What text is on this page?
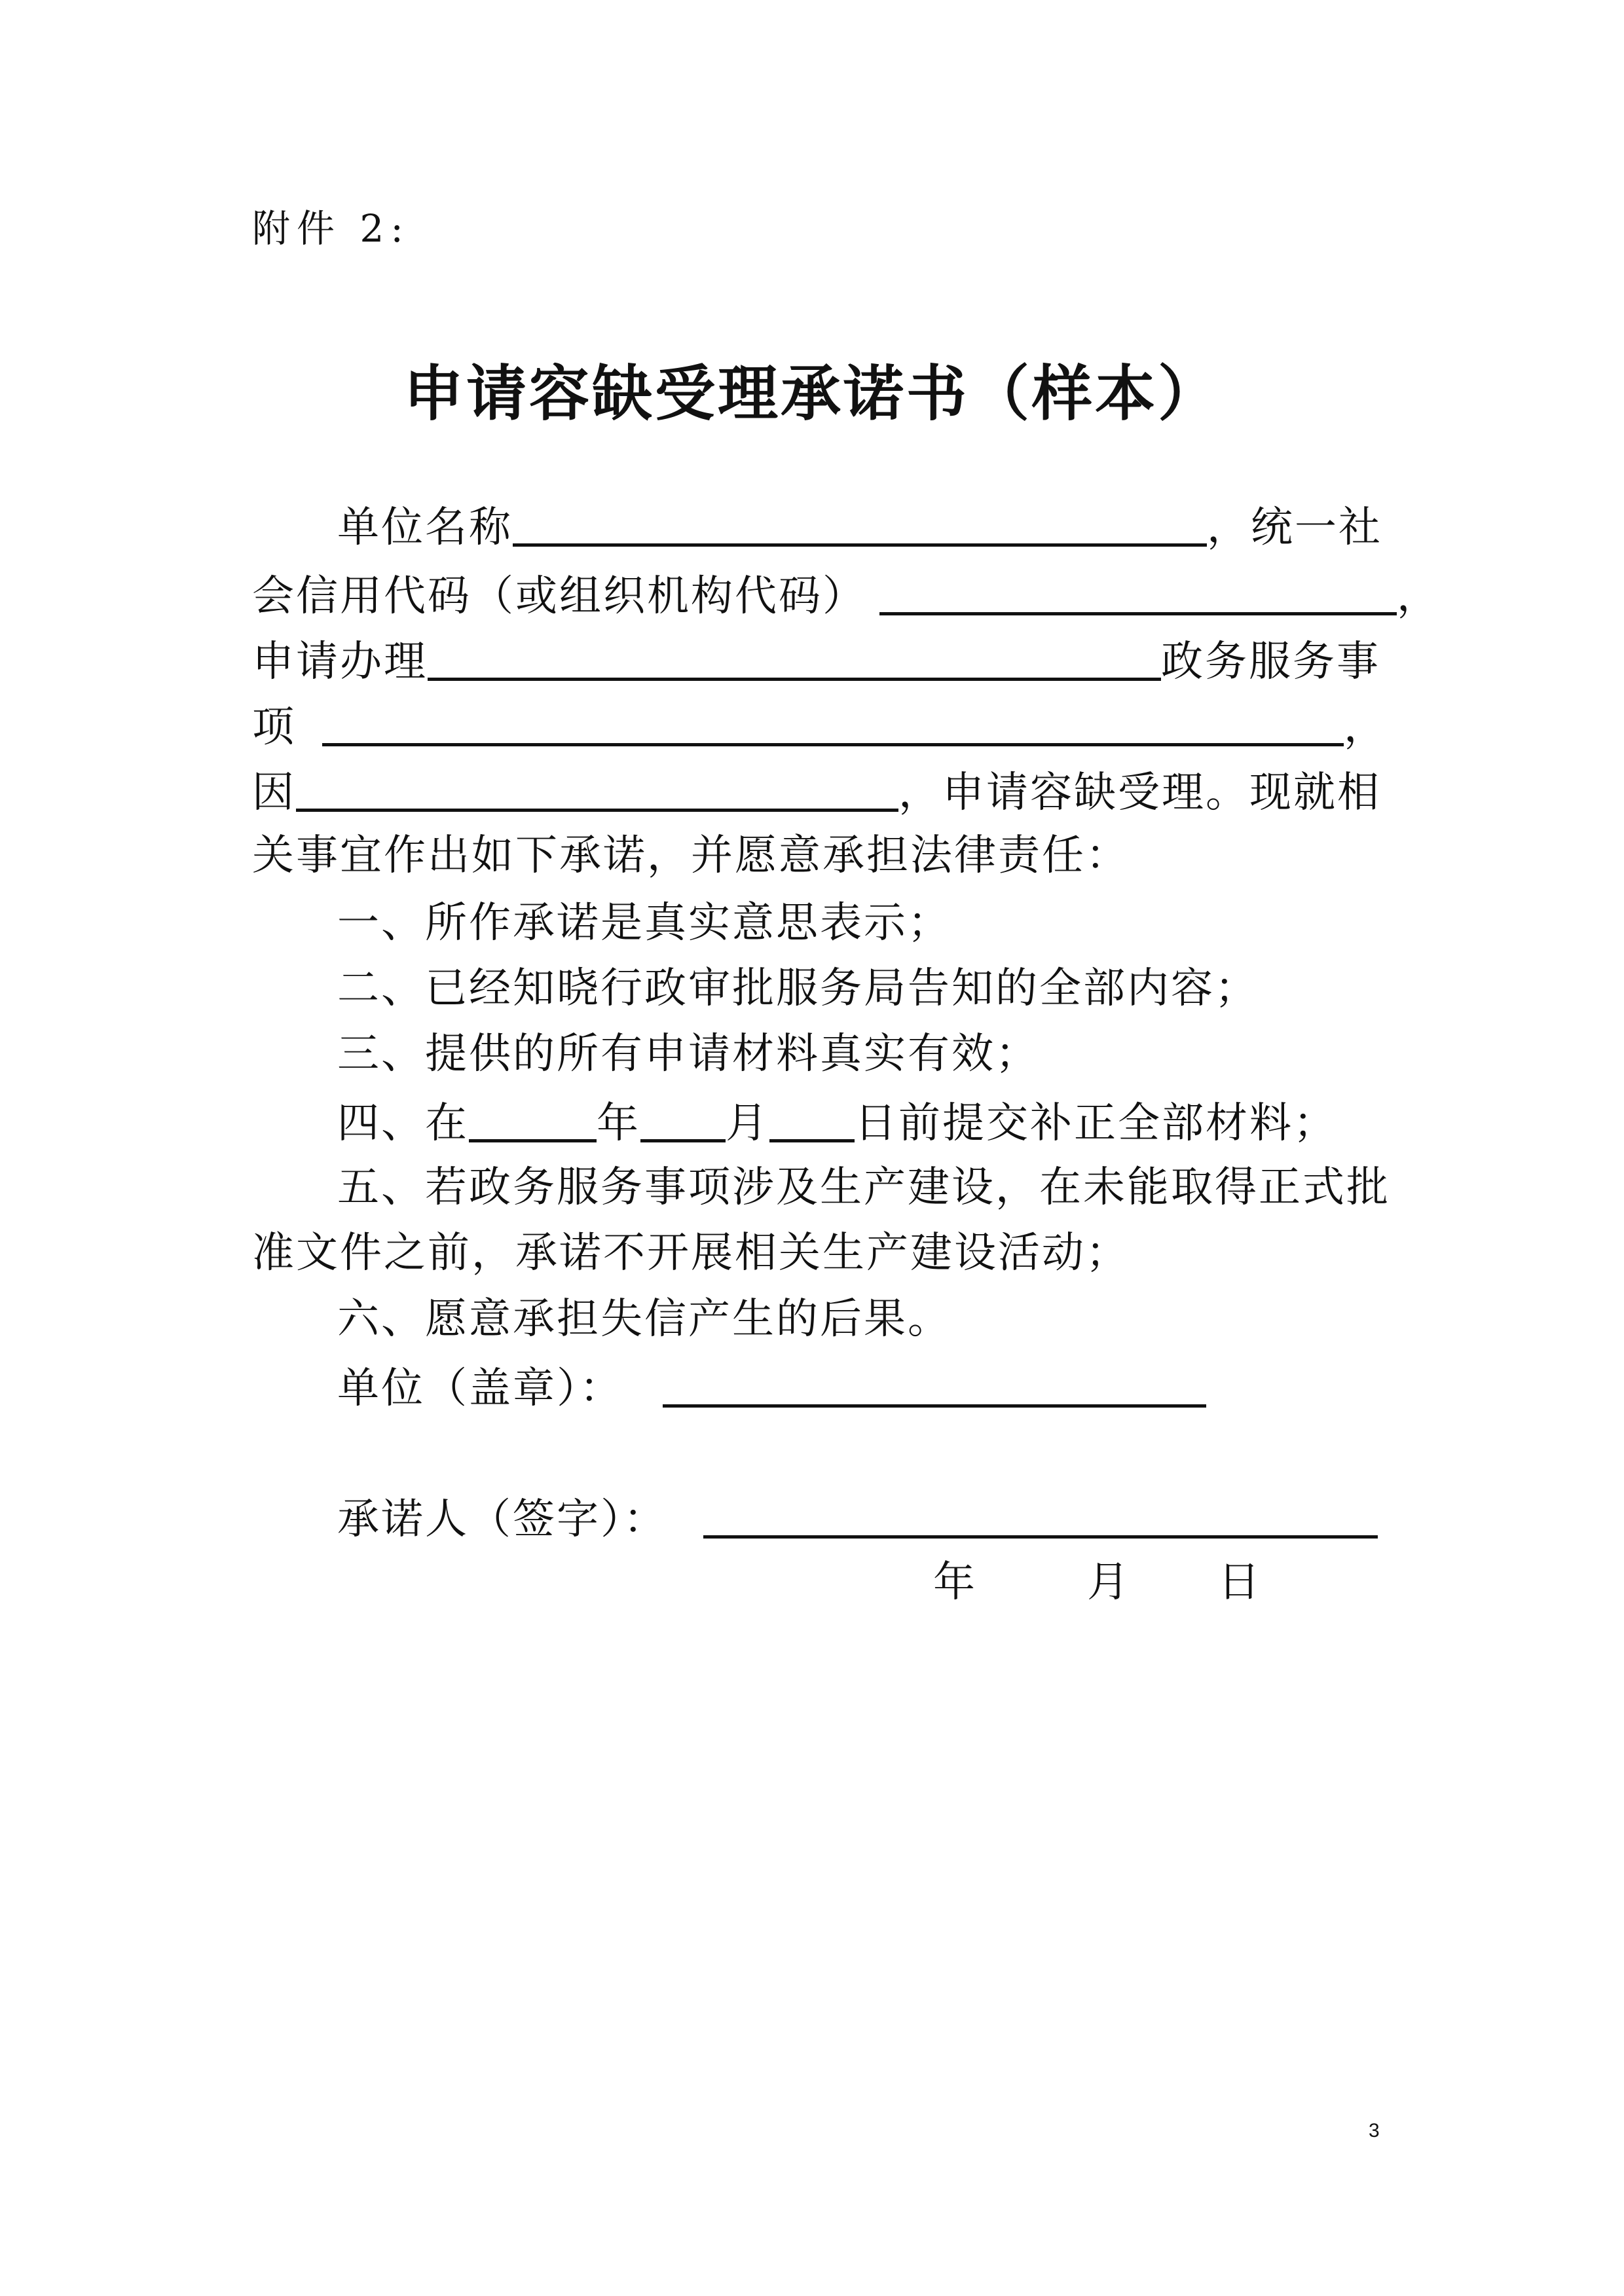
附件 2:
申请容缺受理承诺书（样本）
单位名称	，统一社
会信用代码（或组织机构代码）	，
申请办理	政务服务事
项	，
因	，申请容缺受理。现就相
关事宜作出如下承诺，并愿意承担法律责任：
一、所作承诺是真实意思表示；
二、已经知晓行政审批服务局告知的全部内容；
三、提供的所有申请材料真实有效；
四、在	年 月 日前提交补正全部材料；
五、若政务服务事项涉及生产建设，在未能取得正式批
准文件之前，承诺不开展相关生产建设活动；
六、愿意承担失信产生的后果。
单位（盖章）：
承诺人（签字）：
年	月 日
3
